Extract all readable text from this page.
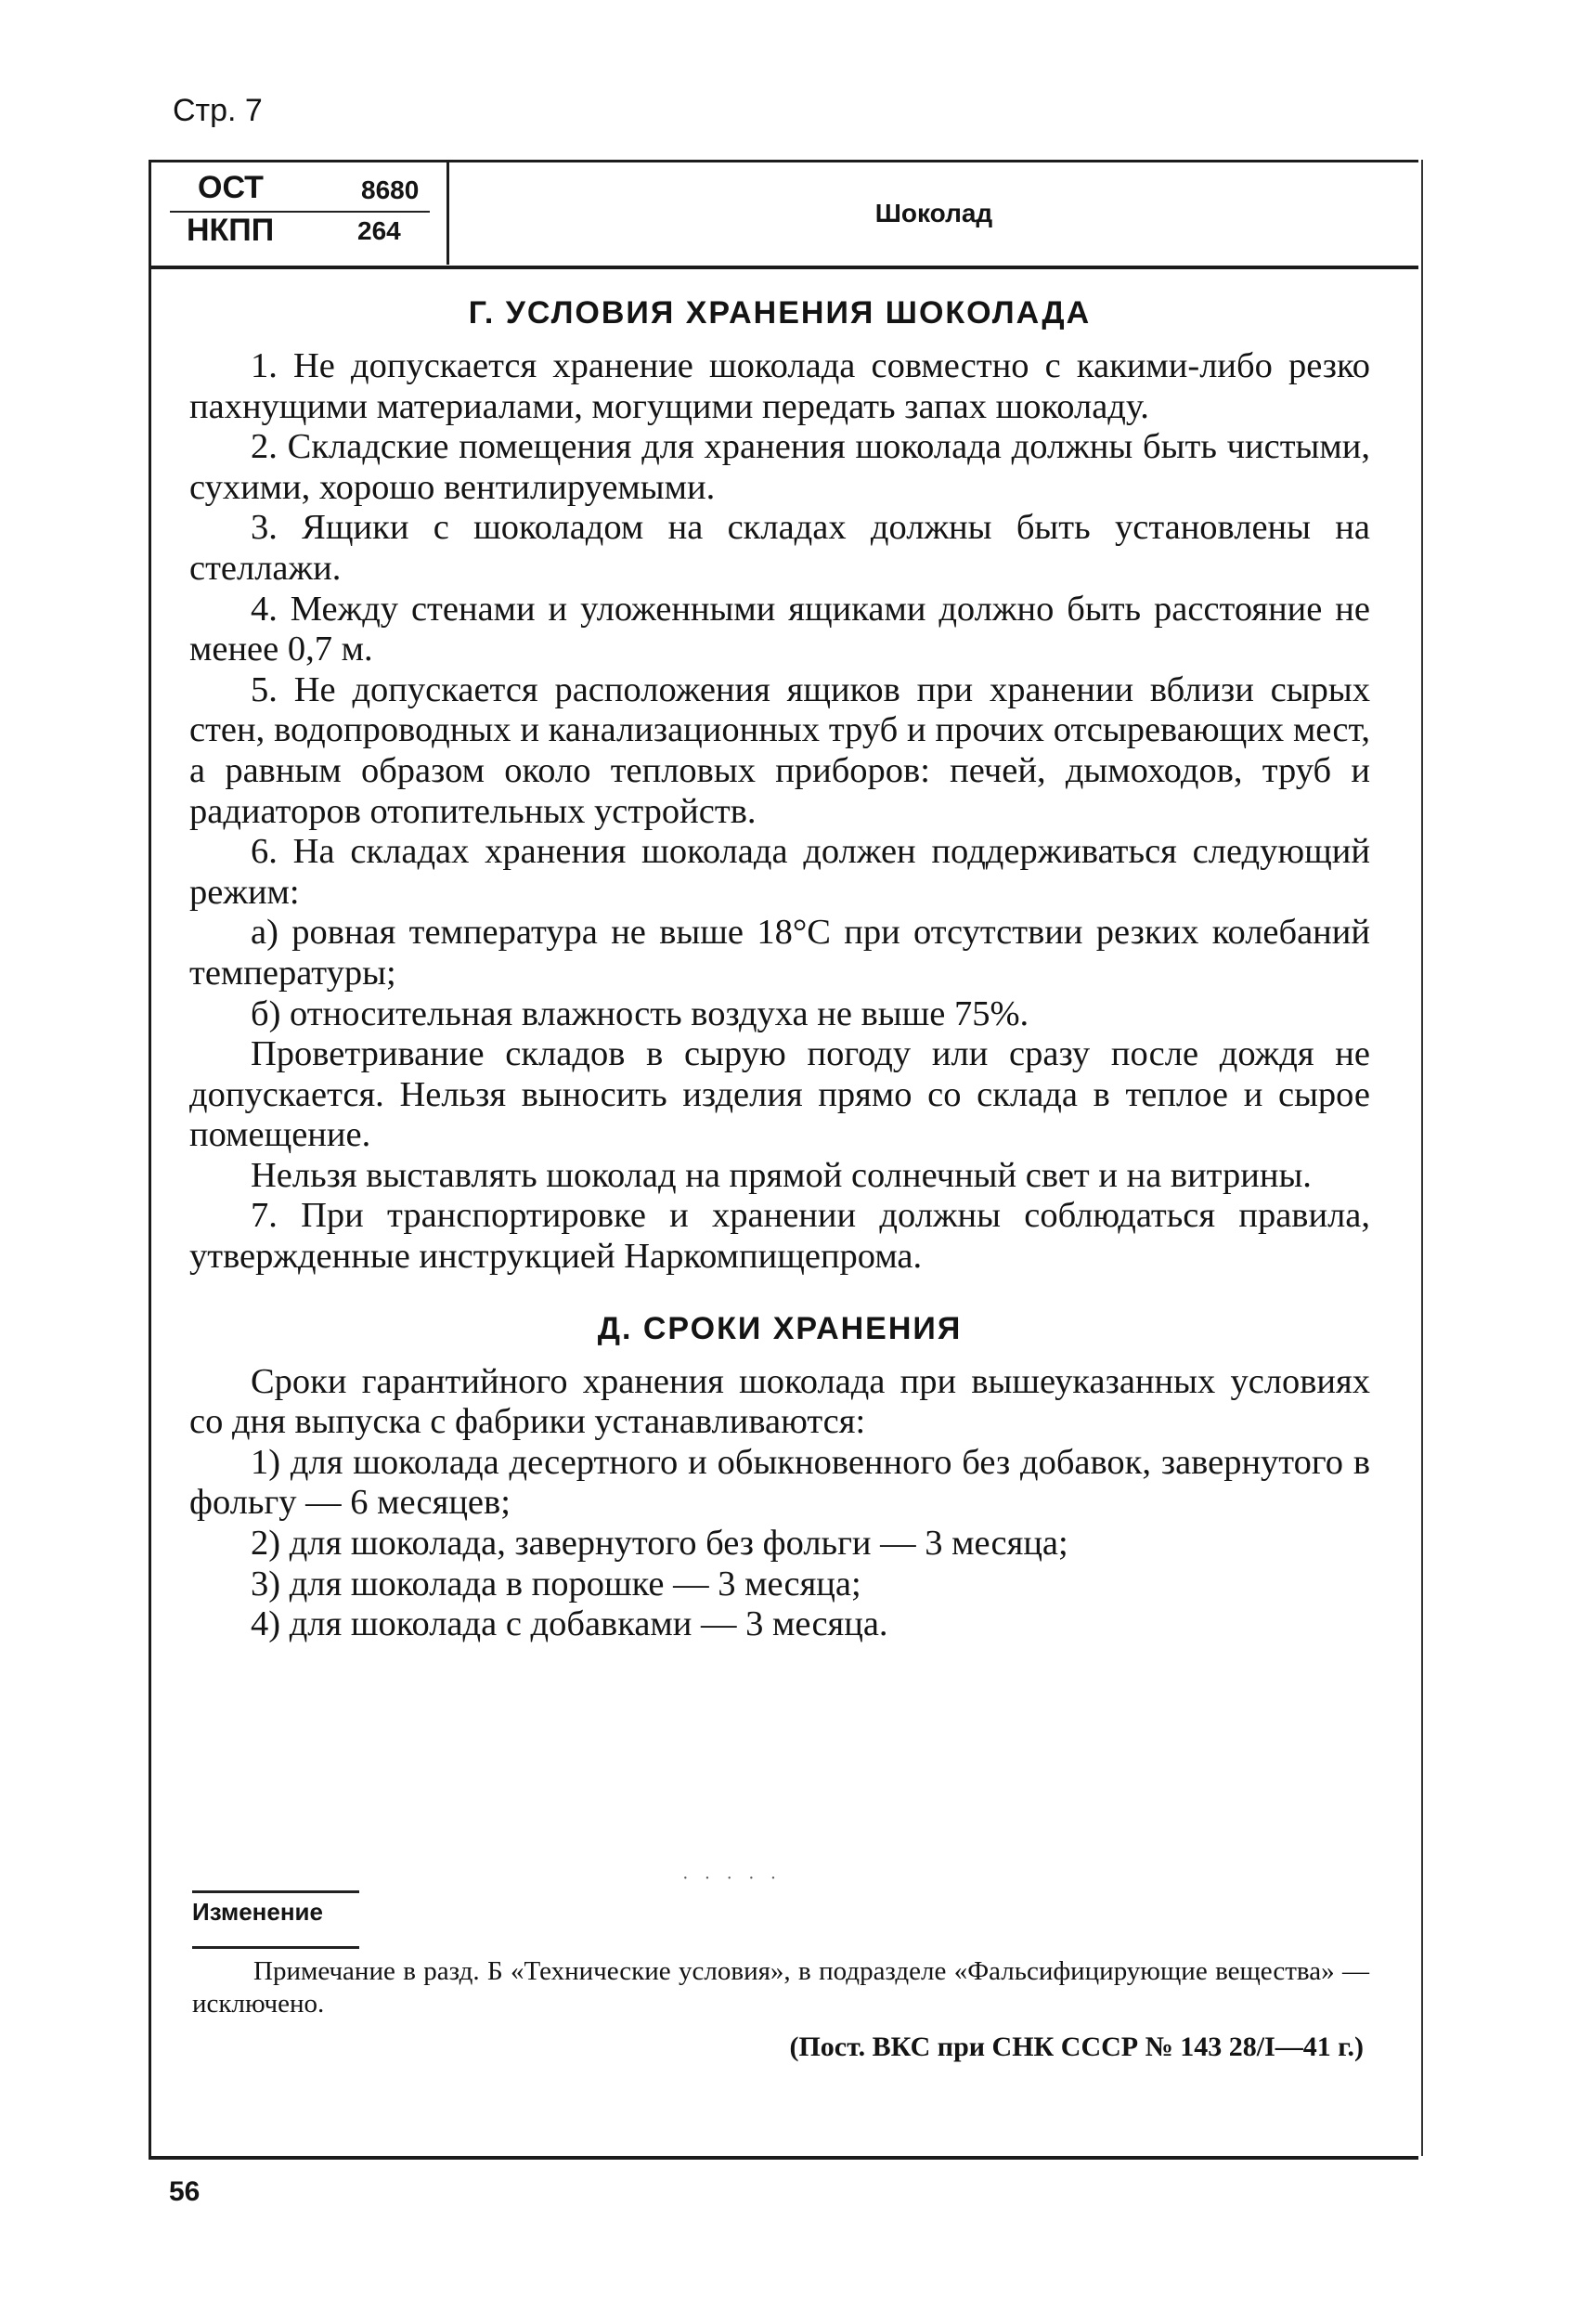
Стр. 7
ОСТ	8680
НКПП	264
Шоколад
Г. УСЛОВИЯ ХРАНЕНИЯ ШОКОЛАДА

1. Не допускается хранение шоколада совместно с какими-либо резко пахнущими материалами, могущими передать запах шоколаду.

2. Складские помещения для хранения шоколада должны быть чистыми, сухими, хорошо вентилируемыми.

3. Ящики с шоколадом на складах должны быть установлены на стеллажи.

4. Между стенами и уложенными ящиками должно быть расстояние не менее 0,7 м.

5. Не допускается расположения ящиков при хранении вблизи сырых стен, водопроводных и канализационных труб и прочих отсыревающих мест, а равным образом около тепловых приборов: печей, дымоходов, труб и радиаторов отопительных устройств.

6. На складах хранения шоколада должен поддерживаться следующий режим:

а) ровная температура не выше 18°С при отсутствии резких колебаний температуры;

б) относительная влажность воздуха не выше 75%.

Проветривание складов в сырую погоду или сразу после дождя не допускается. Нельзя выносить изделия прямо со склада в теплое и сырое помещение.

Нельзя выставлять шоколад на прямой солнечный свет и на витрины.

7. При транспортировке и хранении должны соблюдаться правила, утвержденные инструкцией Наркомпищепрома.

Д. СРОКИ ХРАНЕНИЯ

Сроки гарантийного хранения шоколада при вышеуказанных условиях со дня выпуска с фабрики устанавливаются:

1) для шоколада десертного и обыкновенного без добавок, завернутого в фольгу — 6 месяцев;

2) для шоколада, завернутого без фольги — 3 месяца;

3) для шоколада в порошке — 3 месяца;

4) для шоколада с добавками — 3 месяца.

· · · · ·
Изменение

Примечание в разд. Б «Технические условия», в подразделе «Фальсифицирующие вещества» — исключено.

(Пост. ВКС при СНК СССР № 143 28/I—41 г.)
56
